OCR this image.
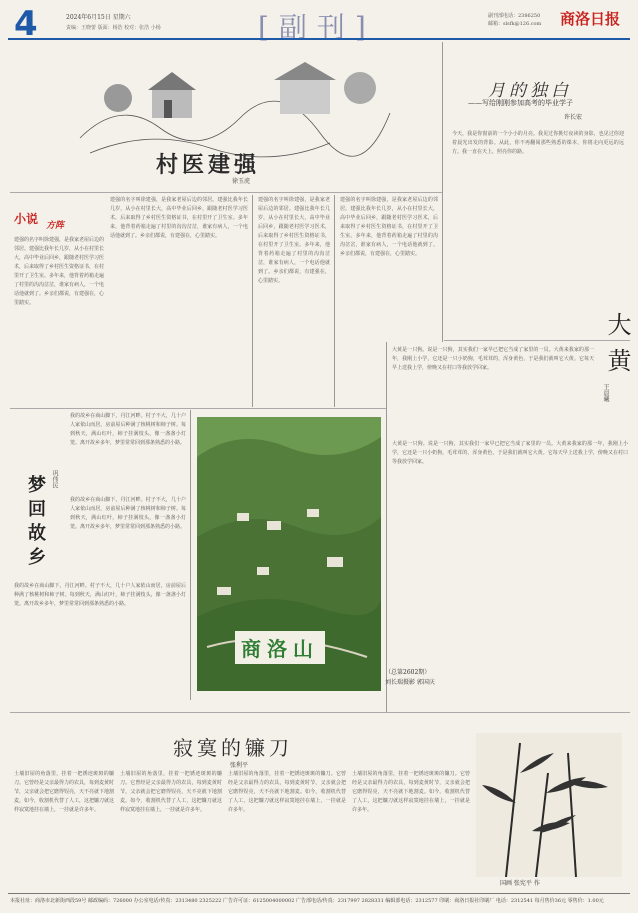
4	2024年6月15日 星期六
责编：王晓蕾 版面：杨浩 校对：张浩 小杨	[副刊]	副刊部电话：2386250
邮箱：slsfk@126.com 商洛日报
村医建强
徐玉虎
小说 方阵
建强的名字叫徐建强，是我家老屋后边的邻居。建强比我年长几岁，从小在村里长大，高中毕业后回乡，跟随老村医学习医术，后来取得了乡村医生资格证书，在村里开了卫生室。多年来，他背着药箱走遍了村里的沟沟岔岔，谁家有病人，一个电话他就到了。乡亲们都说，有建强在，心里踏实。
建强的名字叫徐建强，是我家老屋后边的邻居。建强比我年长几岁，从小在村里长大，高中毕业后回乡，跟随老村医学习医术，后来取得了乡村医生资格证书，在村里开了卫生室。多年来，他背着药箱走遍了村里的沟沟岔岔，谁家有病人，一个电话他就到了。乡亲们都说，有建强在，心里踏实。
建强的名字叫徐建强，是我家老屋后边的邻居。建强比我年长几岁，从小在村里长大，高中毕业后回乡，跟随老村医学习医术，后来取得了乡村医生资格证书，在村里开了卫生室。多年来，他背着药箱走遍了村里的沟沟岔岔，谁家有病人，一个电话他就到了。乡亲们都说，有建强在，心里踏实。
建强的名字叫徐建强，是我家老屋后边的邻居。建强比我年长几岁，从小在村里长大，高中毕业后回乡，跟随老村医学习医术，后来取得了乡村医生资格证书，在村里开了卫生室。多年来，他背着药箱走遍了村里的沟沟岔岔，谁家有病人，一个电话他就到了。乡亲们都说，有建强在，心里踏实。
月的独白
——写给刚刚参加高考的毕业学子
许长宏
今天，我是你窗前的一个小小的月亮。我见过你挑灯夜读的身影，也见过你迎着晨光出发的背影。从此，你不再翻阅那些熟悉的课本，你将走向更远的远方。我一直在天上，照亮你的路。
大黄
王晨曦
大黄是一只狗。说是一只狗，其实我们一家早已把它当成了家里的一员。大黄来我家的那一年，我刚上小学，它还是一只小奶狗，毛茸茸的，浑身黄色，于是我们就叫它大黄。它每天早上送我上学，傍晚又在村口等我放学回家。
大黄是一只狗。说是一只狗，其实我们一家早已把它当成了家里的一员。大黄来我家的那一年，我刚上小学，它还是一只小奶狗，毛茸茸的，浑身黄色，于是我们就叫它大黄。它每天早上送我上学，傍晚又在村口等我放学回家。
我的故乡在商山脚下，丹江河畔。村子不大，几十户人家依山而居，房前屋后种满了核桃树和柿子树。每到秋天，满山红叶，柿子挂满枝头，像一盏盏小灯笼。离开故乡多年，梦里常常回到那条熟悉的小路。
梦回故乡 巩伟民
我的故乡在商山脚下，丹江河畔。村子不大，几十户人家依山而居，房前屋后种满了核桃树和柿子树。每到秋天，满山红叶，柿子挂满枝头，像一盏盏小灯笼。离开故乡多年，梦里常常回到那条熟悉的小路。
我的故乡在商山脚下，丹江河畔。村子不大，几十户人家依山而居，房前屋后种满了核桃树和柿子树。每到秋天，满山红叶，柿子挂满枝头，像一盏盏小灯笼。离开故乡多年，梦里常常回到那条熟悉的小路。
商洛山
（总第2602期）
刘长瑞摄影 郭国庆
寂寞的镰刀
张利平
土墙旧屋的角落里，挂着一把锈迹斑斑的镰刀。它曾经是父亲最得力的农具，每到麦黄时节，父亲就会把它磨得锃亮，天不亮就下地割麦。如今，收割机代替了人工，这把镰刀就这样寂寞地挂在墙上，一挂就是许多年。
土墙旧屋的角落里，挂着一把锈迹斑斑的镰刀。它曾经是父亲最得力的农具，每到麦黄时节，父亲就会把它磨得锃亮，天不亮就下地割麦。如今，收割机代替了人工，这把镰刀就这样寂寞地挂在墙上，一挂就是许多年。
土墙旧屋的角落里，挂着一把锈迹斑斑的镰刀。它曾经是父亲最得力的农具，每到麦黄时节，父亲就会把它磨得锃亮，天不亮就下地割麦。如今，收割机代替了人工，这把镰刀就这样寂寞地挂在墙上，一挂就是许多年。
土墙旧屋的角落里，挂着一把锈迹斑斑的镰刀。它曾经是父亲最得力的农具，每到麦黄时节，父亲就会把它磨得锃亮，天不亮就下地割麦。如今，收割机代替了人工，这把镰刀就这样寂寞地挂在墙上，一挂就是许多年。
国画 张宪平 作
本报社址：商洛市北新街西段59号 邮政编码：726000 办公室电话/传真：2313480 2325222 广告许可证：6125004000002 广告部电话/传真：2317997 2828331 编辑部电话：2312577 印刷：商洛日报社印刷厂 电话：2312541 每月售价36元 零售价：1.00元
